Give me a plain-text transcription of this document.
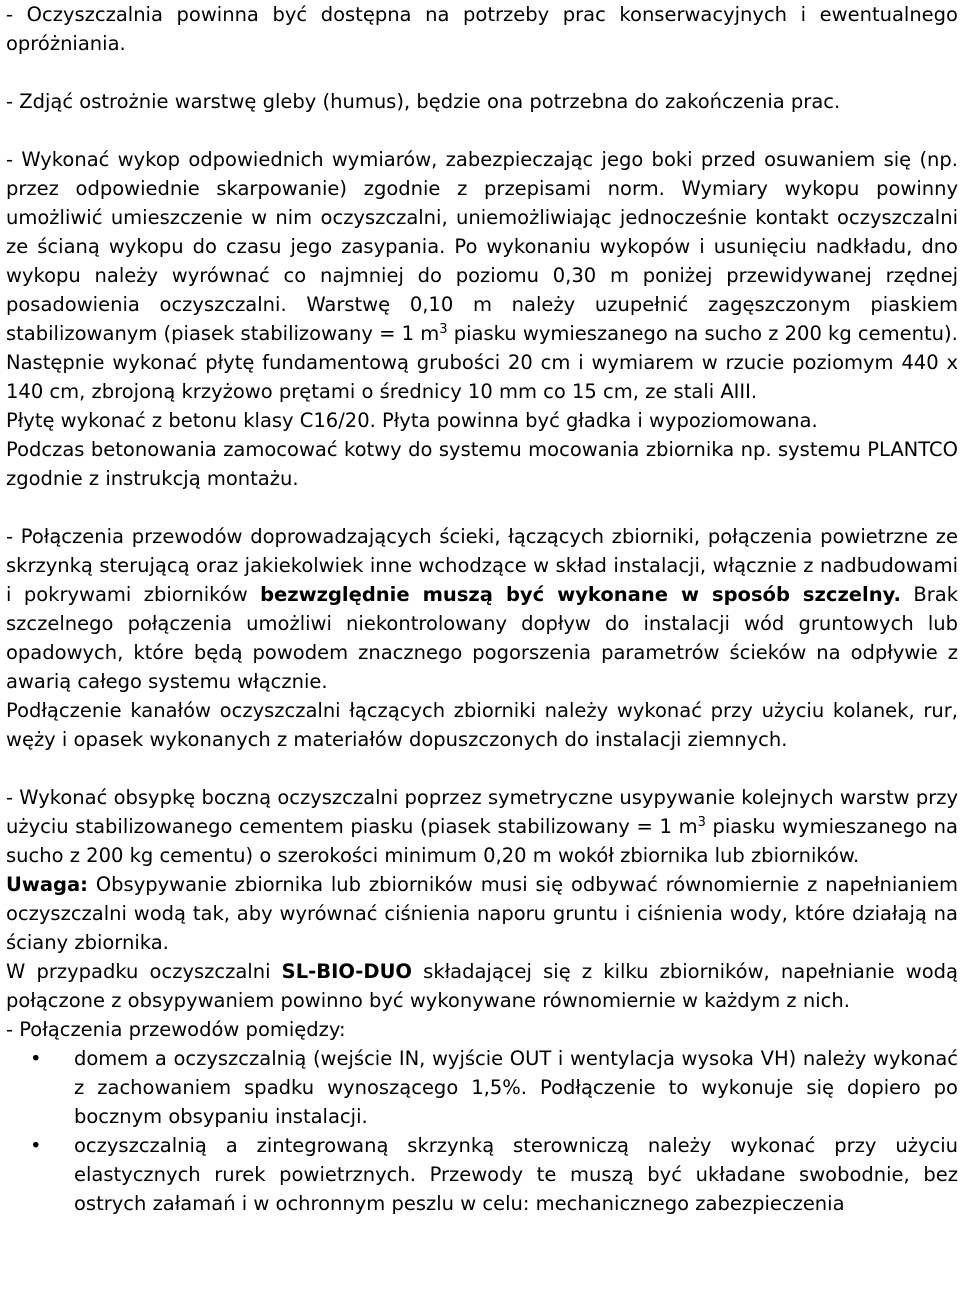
- Oczyszczalnia powinna być dostępna na potrzeby prac konserwacyjnych i ewentualnego opróżniania.

- Zdjąć ostrożnie warstwę gleby (humus), będzie ona potrzebna do zakończenia prac.

- Wykonać wykop odpowiednich wymiarów, zabezpieczając jego boki przed osuwaniem się (np. przez odpowiednie skarpowanie) zgodnie z przepisami norm. Wymiary wykopu powinny umożliwić umieszczenie w nim oczyszczalni, uniemożliwiając jednocześnie kontakt oczyszczalni ze ścianą wykopu do czasu jego zasypania. Po wykonaniu wykopów i usunięciu nadkładu, dno wykopu należy wyrównać co najmniej do poziomu 0,30 m poniżej przewidywanej rzędnej posadowienia oczyszczalni. Warstwę 0,10 m należy uzupełnić zagęszczonym piaskiem stabilizowanym (piasek stabilizowany = 1 $m^3$ piasku wymieszanego na sucho z 200 kg cementu).

Następnie wykonać płytę fundamentową grubości 20 cm i wymiarem w rzucie poziomym 440 x 140 cm, zbrojoną krzyżowo prętami o średnicy 10 mm co 15 cm, ze stali AIII.

Płytę wykonać z betonu klasy C16/20. Płyta powinna być gładka i wypoziomowana.

Podczas betonowania zamocować kotwy do systemu mocowania zbiornika np. systemu PLANTCO zgodnie z instrukcją montażu.

- Połączenia przewodów doprowadzających ścieki, łączących zbiorniki, połączenia powietrzne ze skrzynką sterującą oraz jakiekolwiek inne wchodzące w skład instalacji, włącznie z nadbudowami i pokrywami zbiorników bezwzględnie muszą być wykonane w sposób szczelny. Brak szczelnego połączenia umożliwi niekontrolowany dopływ do instalacji wód gruntowych lub opadowych, które będą powodem znacznego pogorszenia parametrów ścieków na odpływie z awarią całego systemu włącznie.

Podłączenie kanałów oczyszczalni łączących zbiorniki należy wykonać przy użyciu kolanek, rur, węży i opasek wykonanych z materiałów dopuszczonych do instalacji ziemnych.

- Wykonać obsypkę boczną oczyszczalni poprzez symetryczne usypywanie kolejnych warstw przy użyciu stabilizowanego cementem piasku (piasek stabilizowany = 1 $m^3$ piasku wymieszanego na sucho z 200 kg cementu) o szerokości minimum 0,20 m wokół zbiornika lub zbiorników.

Uwaga: Obsypywanie zbiornika lub zbiorników musi się odbywać równomiernie z napełnianiem oczyszczalni wodą tak, aby wyrównać ciśnienia naporu gruntu i ciśnienia wody, które działają na ściany zbiornika.

W przypadku oczyszczalni SL-BIO-DUO składającej się z kilku zbiorników, napełnianie wodą połączone z obsypywaniem powinno być wykonywane równomiernie w każdym z nich.

- Połączenia przewodów pomiędzy:

• domem a oczyszczalnią (wejście IN, wyjście OUT i wentylacja wysoka VH) należy wykonać z zachowaniem spadku wynoszącego 1,5%. Podłączenie to wykonuje się dopiero po bocznym obsypaniu instalacji.
• oczyszczalnią a zintegrowaną skrzynką sterowniczą należy wykonać przy użyciu elastycznych rurek powietrznych. Przewody te muszą być układane swobodnie, bez ostrych załamań i w ochronnym peszlu w celu: mechanicznego zabezpieczenia
